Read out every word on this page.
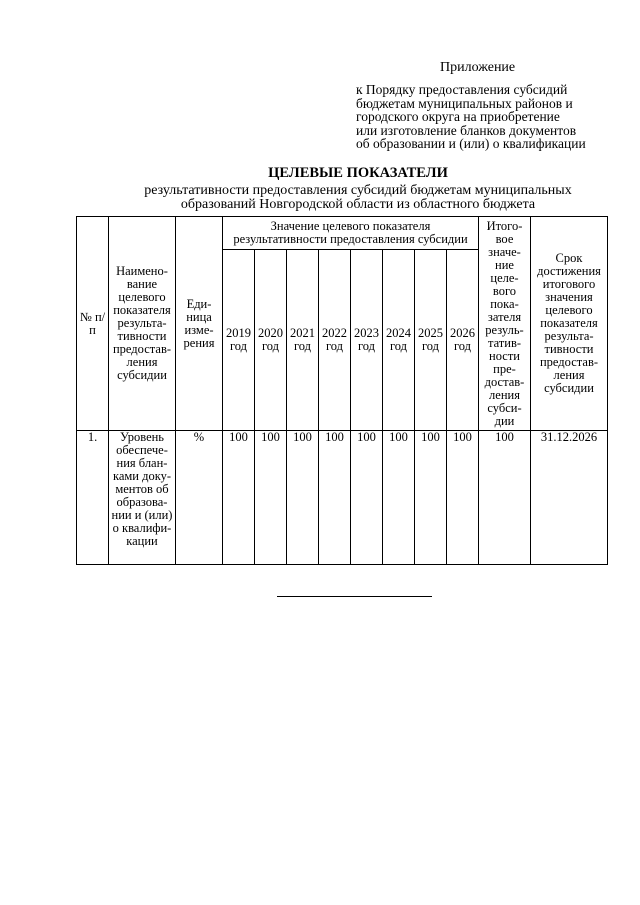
Приложение
к Порядку предоставления субсидий
бюджетам муниципальных районов и
городского округа на приобретение
или изготовление бланков документов
об образовании и (или) о квалификации
ЦЕЛЕВЫЕ ПОКАЗАТЕЛИ
результативности предоставления субсидий бюджетам муниципальных
образований Новгородской области из областного бюджета
№ п/п	Наимено-вание целевого показателя результа-тивности предостав-ления субсидии	Еди-ница изме-рения	Значение целевого показателя результативности предоставления субсидии								Итого-вое значе-ние целе-вого пока-зателя резуль-татив-ности пре-достав-ления субси-дии	Срок достижения итогового значения целевого показателя результа-тивности предостав-ления субсидии
			2019 год	2020 год	2021 год	2022 год	2023 год	2024 год	2025 год	2026 год		
1.	Уровень обеспече-ния блан-ками доку-ментов об образова-нии и (или) о квалифи-кации	%	100	100	100	100	100	100	100	100	100	31.12.2026
